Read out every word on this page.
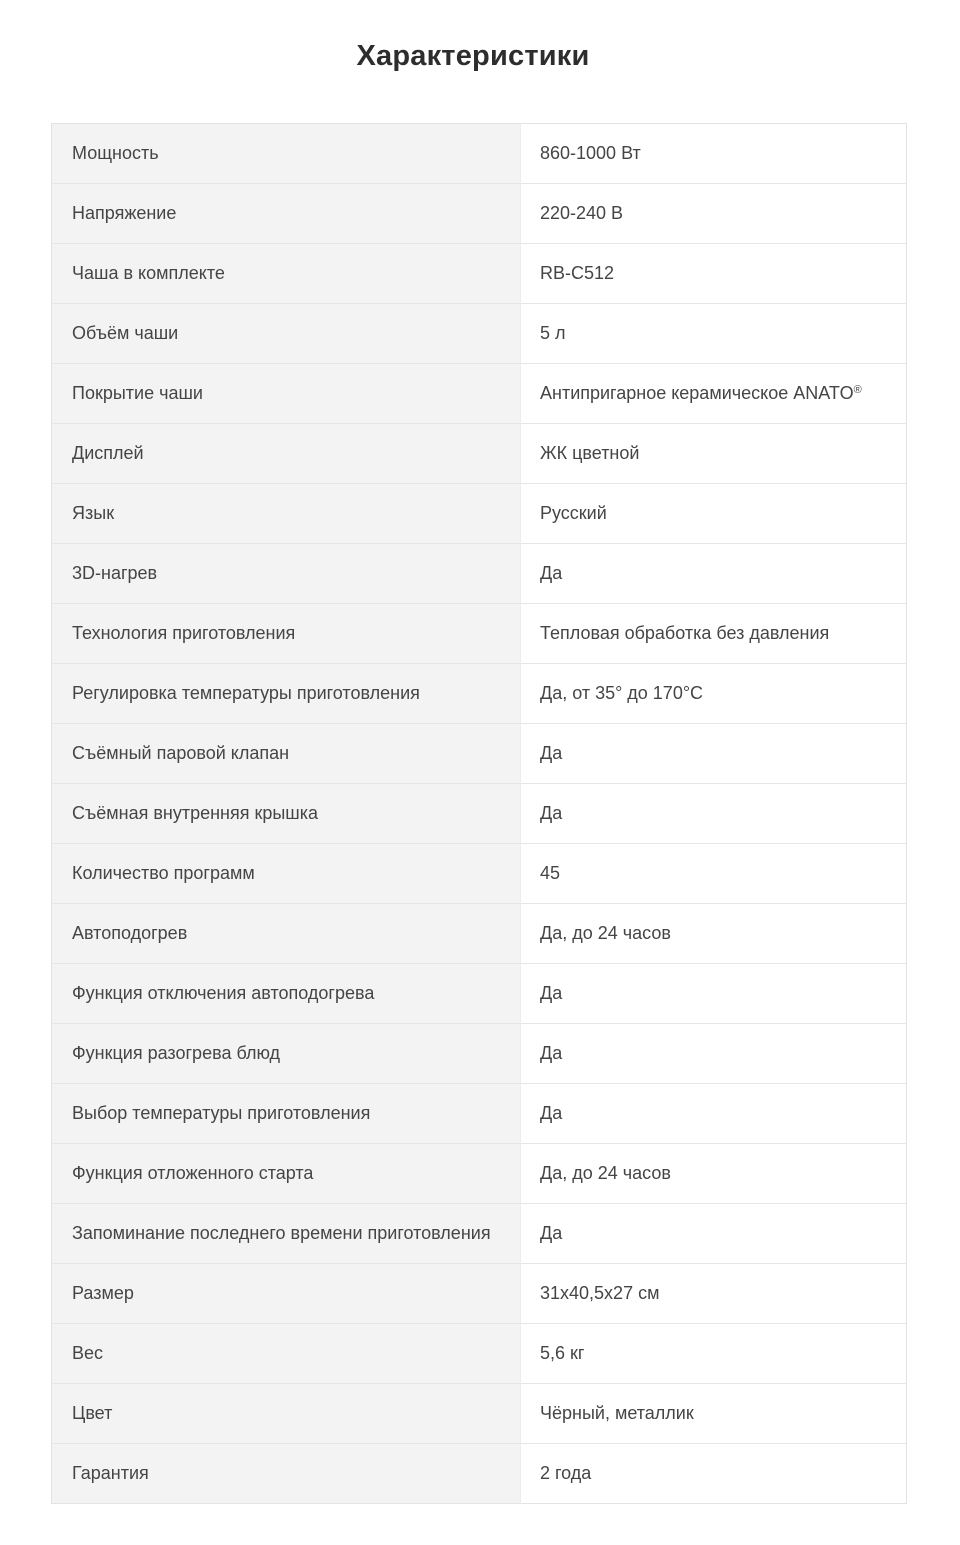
Характеристики
Мощность	860-1000 Вт
Напряжение	220-240 В
Чаша в комплекте	RB-C512
Объём чаши	5 л
Покрытие чаши	Антипригарное керамическое ANATO®
Дисплей	ЖК цветной
Язык	Русский
3D-нагрев	Да
Технология приготовления	Тепловая обработка без давления
Регулировка температуры приготовления	Да, от 35° до 170°С
Съёмный паровой клапан	Да
Съёмная внутренняя крышка	Да
Количество программ	45
Автоподогрев	Да, до 24 часов
Функция отключения автоподогрева	Да
Функция разогрева блюд	Да
Выбор температуры приготовления	Да
Функция отложенного старта	Да, до 24 часов
Запоминание последнего времени приготовления	Да
Размер	31х40,5х27 см
Вес	5,6 кг
Цвет	Чёрный, металлик
Гарантия	2 года
